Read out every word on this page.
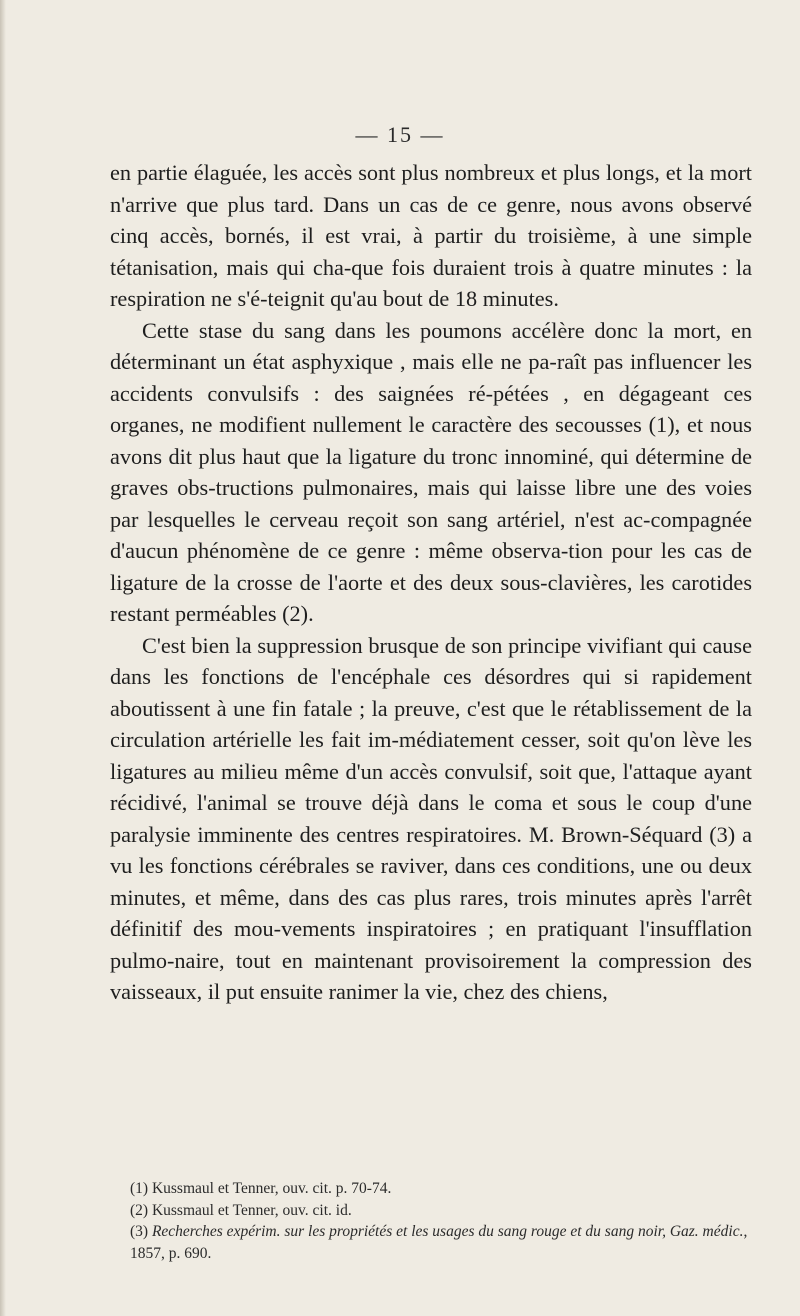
— 15 —

en partie élaguée, les accès sont plus nombreux et plus longs, et la mort n'arrive que plus tard. Dans un cas de ce genre, nous avons observé cinq accès, bornés, il est vrai, à partir du troisième, à une simple tétanisation, mais qui cha-que fois duraient trois à quatre minutes : la respiration ne s'é-teignit qu'au bout de 18 minutes.

Cette stase du sang dans les poumons accélère donc la mort, en déterminant un état asphyxique , mais elle ne pa-raît pas influencer les accidents convulsifs : des saignées ré-pétées , en dégageant ces organes, ne modifient nullement le caractère des secousses (1), et nous avons dit plus haut que la ligature du tronc innominé, qui détermine de graves obs-tructions pulmonaires, mais qui laisse libre une des voies par lesquelles le cerveau reçoit son sang artériel, n'est ac-compagnée d'aucun phénomène de ce genre : même observa-tion pour les cas de ligature de la crosse de l'aorte et des deux sous-clavières, les carotides restant perméables (2).

C'est bien la suppression brusque de son principe vivifiant qui cause dans les fonctions de l'encéphale ces désordres qui si rapidement aboutissent à une fin fatale ; la preuve, c'est que le rétablissement de la circulation artérielle les fait im-médiatement cesser, soit qu'on lève les ligatures au milieu même d'un accès convulsif, soit que, l'attaque ayant récidivé, l'animal se trouve déjà dans le coma et sous le coup d'une paralysie imminente des centres respiratoires. M. Brown-Séquard (3) a vu les fonctions cérébrales se raviver, dans ces conditions, une ou deux minutes, et même, dans des cas plus rares, trois minutes après l'arrêt définitif des mou-vements inspiratoires ; en pratiquant l'insufflation pulmo-naire, tout en maintenant provisoirement la compression des vaisseaux, il put ensuite ranimer la vie, chez des chiens,

(1) Kussmaul et Tenner, ouv. cit. p. 70-74.

(2) Kussmaul et Tenner, ouv. cit. id.

(3) Recherches expérim. sur les propriétés et les usages du sang rouge et du sang noir, Gaz. médic., 1857, p. 690.
